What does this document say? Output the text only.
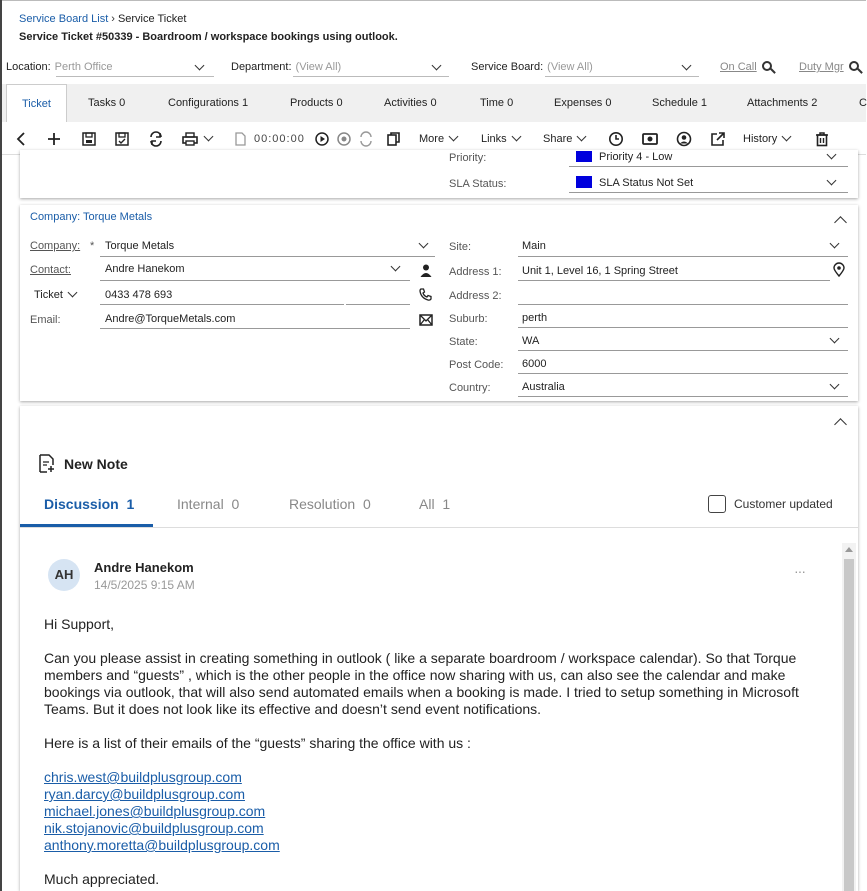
Service Board List › Service Ticket
Service Ticket #50339 - Boardroom / workspace bookings using outlook.
Location: Perth Office	Department: (View All)	Service Board: (View All)	On Call	Duty Mgr
Ticket	Tasks 0	Configurations 1	Products 0	Activities 0	Time 0	Expenses 0	Schedule 1	Attachments 2	C
00:00:00	More	Links	Share	History
Priority:	Priority 4 - Low
SLA Status:	SLA Status Not Set
Company: Torque Metals
Company: * Torque Metals
Contact:	Andre Hanekom
Ticket	0433 478 693
Email:	Andre@TorqueMetals.com
Site:	Main
Address 1: Unit 1, Level 16, 1 Spring Street
Address 2:
Suburb:	perth
State:	WA
Post Code: 6000
Country:	Australia
New Note
Discussion 1	Internal 0	Resolution 0	All 1	Customer updated
AH	Andre Hanekom
14/5/2025 9:15 AM
···
Hi Support,
Can you please assist in creating something in outlook ( like a separate boardroom / workspace calendar). So that Torque members and “guests” , which is the other people in the office now sharing with us, can also see the calendar and make bookings via outlook, that will also send automated emails when a booking is made. I tried to setup something in Microsoft Teams. But it does not look like its effective and doesn’t send event notifications.
Here is a list of their emails of the “guests” sharing the office with us :
chris.west@buildplusgroup.com
ryan.darcy@buildplusgroup.com
michael.jones@buildplusgroup.com
nik.stojanovic@buildplusgroup.com
anthony.moretta@buildplusgroup.com
Much appreciated.
